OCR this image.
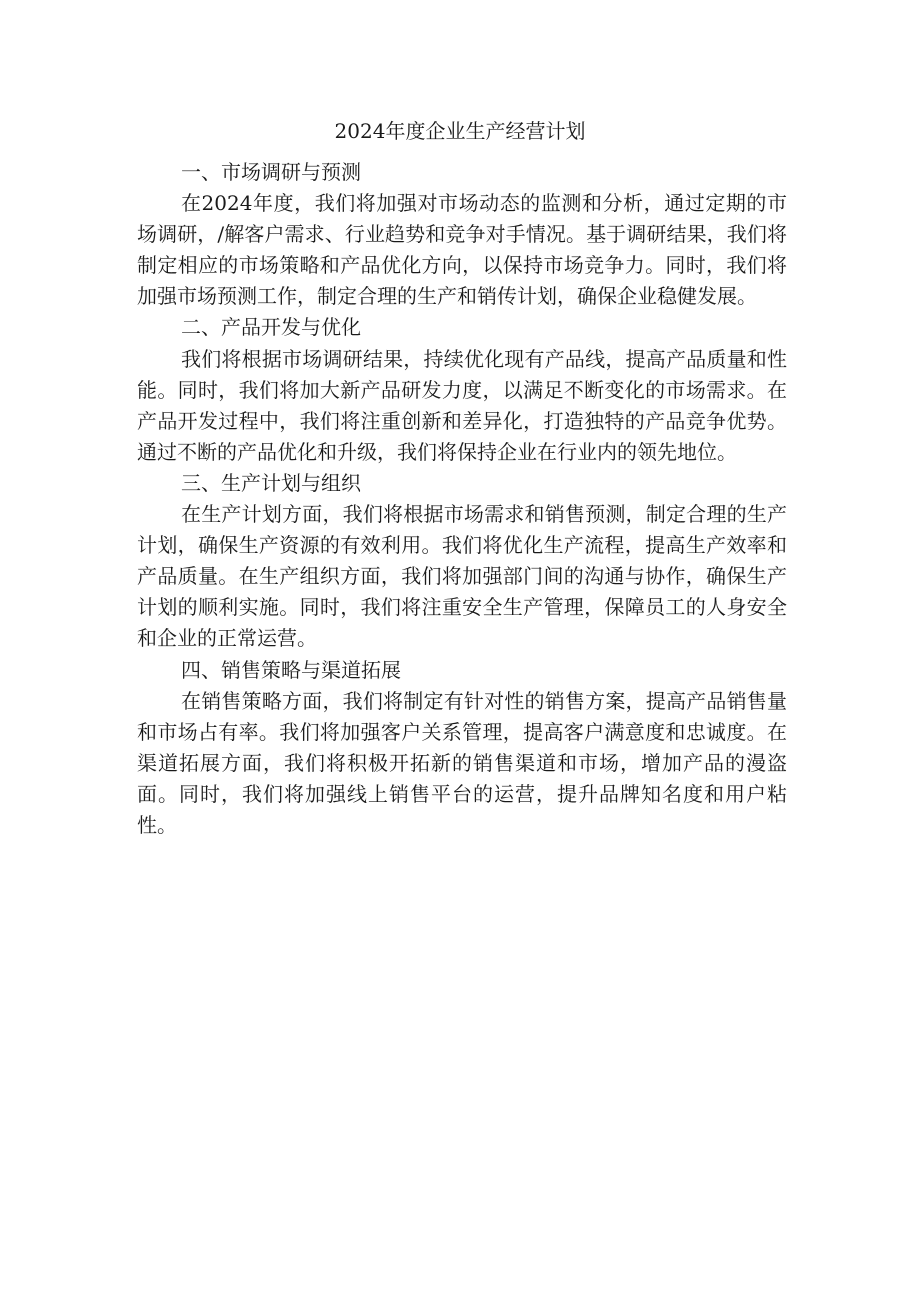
2024年度企业生产经营计划

一、市场调研与预测

在2024年度，我们将加强对市场动态的监测和分析，通过定期的市场调研，/解客户需求、行业趋势和竞争对手情况。基于调研结果，我们将制定相应的市场策略和产品优化方向，以保持市场竞争力。同时，我们将加强市场预测工作，制定合理的生产和销传计划，确保企业稳健发展。

二、产品开发与优化

我们将根据市场调研结果，持续优化现有产品线，提高产品质量和性能。同时，我们将加大新产品研发力度，以满足不断变化的市场需求。在产品开发过程中，我们将注重创新和差异化，打造独特的产品竞争优势。通过不断的产品优化和升级，我们将保持企业在行业内的领先地位。

三、生产计划与组织

在生产计划方面，我们将根据市场需求和销售预测，制定合理的生产计划，确保生产资源的有效利用。我们将优化生产流程，提高生产效率和产品质量。在生产组织方面，我们将加强部门间的沟通与协作，确保生产计划的顺利实施。同时，我们将注重安全生产管理，保障员工的人身安全和企业的正常运营。

四、销售策略与渠道拓展

在销售策略方面，我们将制定有针对性的销售方案，提高产品销售量和市场占有率。我们将加强客户关系管理，提高客户满意度和忠诚度。在渠道拓展方面，我们将积极开拓新的销售渠道和市场，增加产品的漫盗面。同时，我们将加强线上销售平台的运营，提升品牌知名度和用户粘性。
